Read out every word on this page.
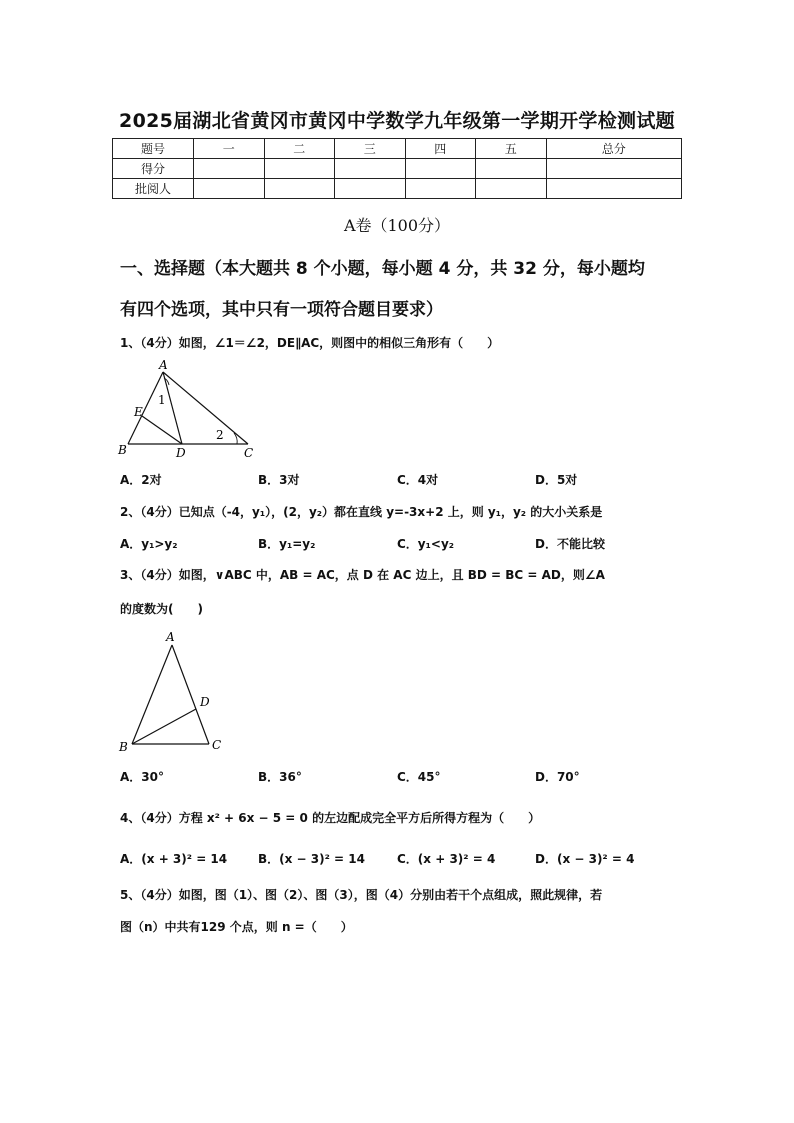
2025届湖北省黄冈市黄冈中学数学九年级第一学期开学检测试题
题号	一	二	三	四	五	总分
得分						
批阅人						
A卷（100分）
一、选择题（本大题共 8 个小题，每小题 4 分，共 32 分，每小题均
有四个选项，其中只有一项符合题目要求）
1、（4分）如图，∠1＝∠2，DE∥AC，则图中的相似三角形有（　　）
A
E
B	D	C
1
2
A．2对	B．3对	C．4对	D．5对
2、（4分）已知点（-4，y₁），(2，y₂）都在直线 y=-3x+2 上，则 y₁，y₂ 的大小关系是
A．y₁>y₂	B．y₁=y₂	C．y₁<y₂	D．不能比较
3、（4分）如图，∨ABC 中，AB = AC，点 D 在 AC 边上，且 BD = BC = AD，则∠A
的度数为(　　)
A
B	C
D
A．30°	B．36°	C．45°	D．70°
4、（4分）方程 x² + 6x − 5 = 0 的左边配成完全平方后所得方程为（　　）
A．(x + 3)² = 14	B．(x − 3)² = 14	C．(x + 3)² = 4	D．(x − 3)² = 4
5、（4分）如图，图（1）、图（2）、图（3），图（4）分别由若干个点组成，照此规律，若
图（n）中共有129 个点，则 n =（　　）
